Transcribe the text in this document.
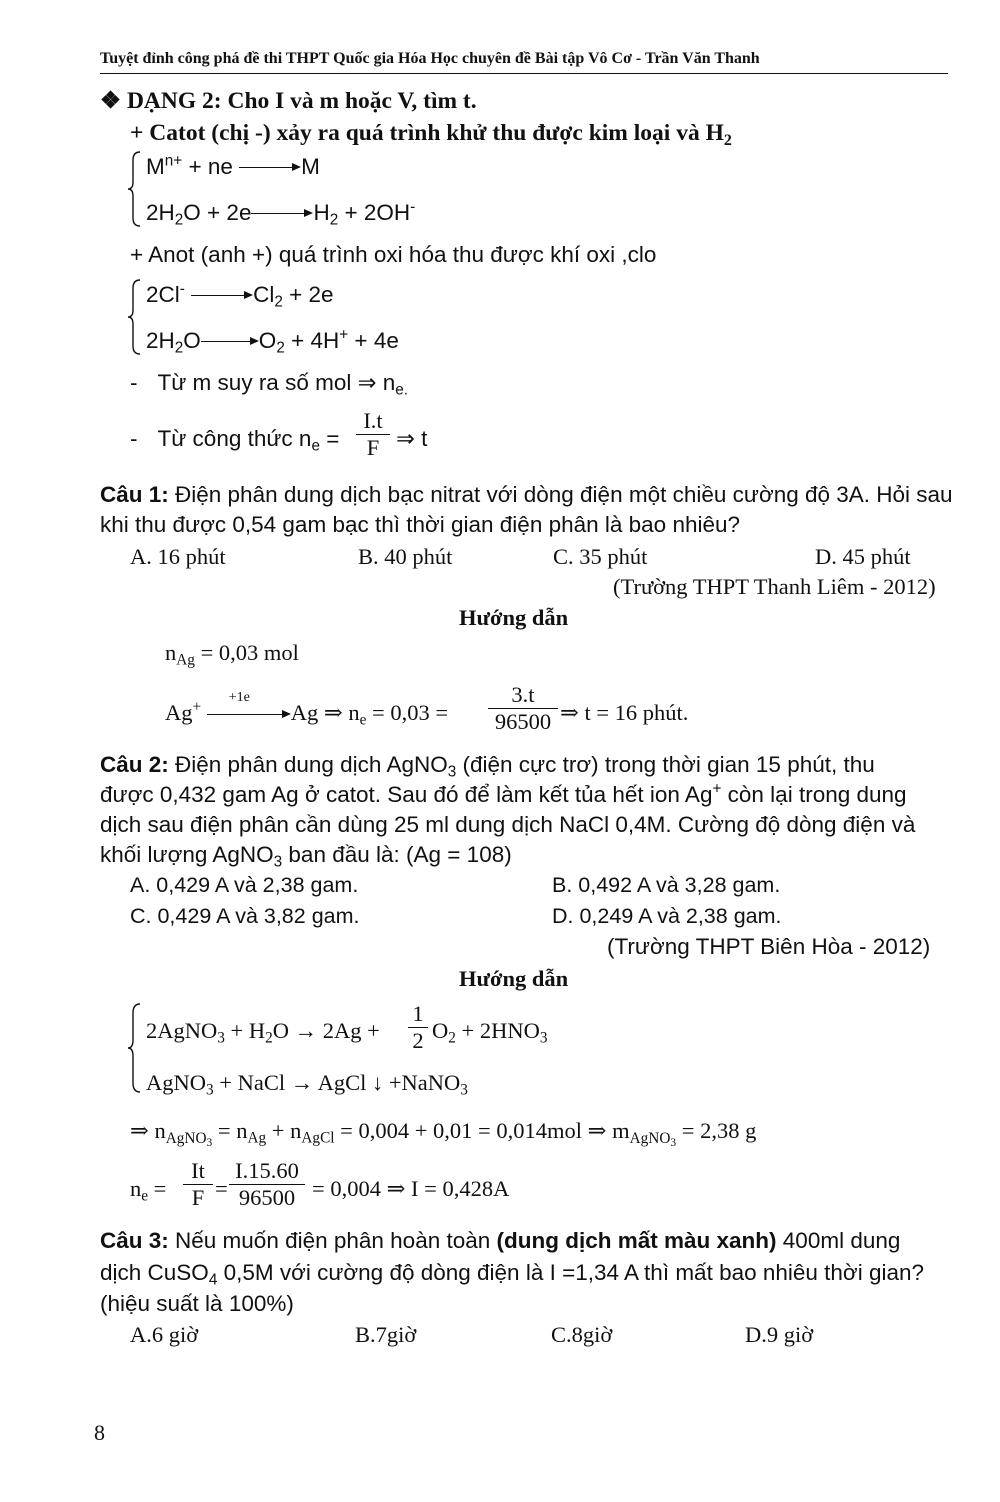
Tuyệt đỉnh công phá đề thi THPT Quốc gia Hóa Học chuyên đề Bài tập Vô Cơ - Trần Văn Thanh
❖ DẠNG 2: Cho I và m hoặc V, tìm t.
+ Catot (chị -) xảy ra quá trình khử thu được kim loại và $H_2$
$M^{n+}$ + ne	M
$2H_2O + 2e$	$H_2 + 2OH^-$
+ Anot (anh +) quá trình oxi hóa thu được khí oxi ,clo
2Cl-	$Cl_2 + 2e$
$2H_2O$	$O_2 + 4H^+ + 4e$
- Từ m suy ra số mol ⇒ $n_{e.}$
- Từ công thức $n_e$ =
I.t
F ⇒ t
Câu 1: Điện phân dung dịch bạc nitrat với dòng điện một chiều cường độ 3A. Hỏi sau
khi thu được 0,54 gam bạc thì thời gian điện phân là bao nhiêu?
A. 16 phút	B. 40 phút	C. 35 phút	D. 45 phút
(Trường THPT Thanh Liêm - 2012)
Hướng dẫn
$n_{Ag} = 0,03$ mol
Ag+
+1e
Ag ⇒ $n_e = 0,03$ =
3.t
96500 ⇒ t = 16 phút.
Câu 2: Điện phân dung dịch AgNO$_3$ (điện cực trơ) trong thời gian 15 phút, thu
được 0,432 gam Ag ở catot. Sau đó để làm kết tủa hết ion Ag+ còn lại trong dung
dịch sau điện phân cần dùng 25 ml dung dịch NaCl 0,4M. Cường độ dòng điện và
khối lượng AgNO$_3$ ban đầu là: (Ag = 108)
A. 0,429 A và 2,38 gam.	B. 0,492 A và 3,28 gam.
C. 0,429 A và 3,82 gam.	D. 0,249 A và 2,38 gam.
(Trường THPT Biên Hòa - 2012)
Hướng dẫn
2AgNO$_3$ + $H_2O \to 2Ag$ +
1
2 $O_2 + 2HNO_3$
AgNO$_3$ + NaCl → AgCl ↓ +NaNO$_3$
⇒ $n_{AgNO3} = n_{Ag} + n_{AgCl} = 0,004 + 0,01 = 0,014mol$ ⇒ $m_{AgNO3} = 2,38$ g
$n_e$ =
It
F =
I.15.60
96500 = 0,004 ⇒ I = 0,428A
Câu 3: Nếu muốn điện phân hoàn toàn (dung dịch mất màu xanh) 400ml dung
dịch CuSO$_4$ 0,5M với cường độ dòng điện là I =1,34 A thì mất bao nhiêu thời gian?
(hiệu suất là 100%)
A.6 giờ	B.7giờ	C.8giờ	D.9 giờ
8
